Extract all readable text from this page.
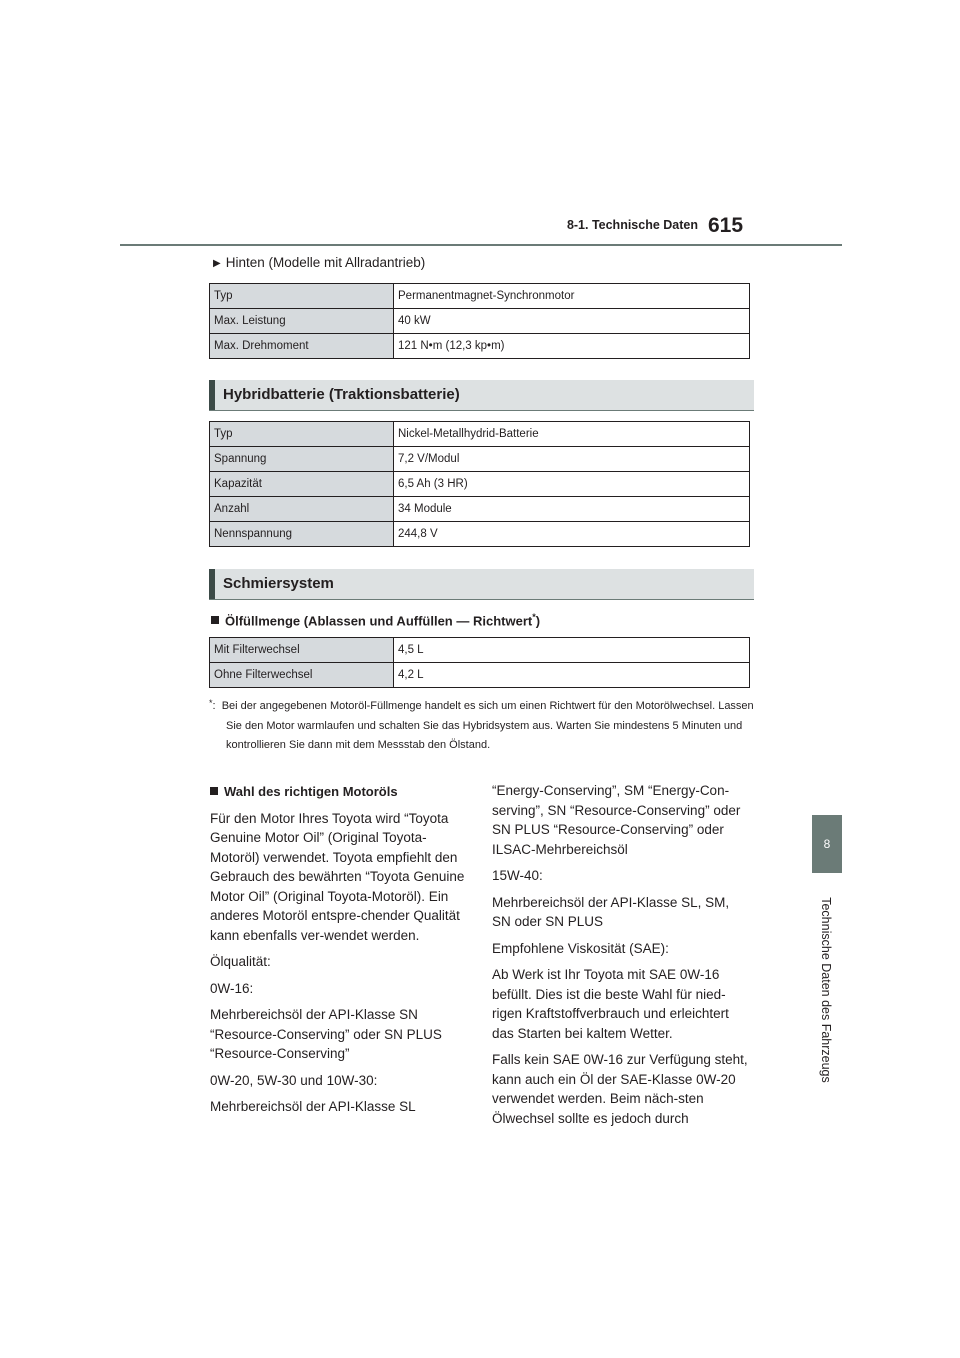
8-1. Technische Daten 615
8
Technische Daten des Fahrzeugs
▶ Hinten (Modelle mit Allradantrieb)
Typ	Permanentmagnet-Synchronmotor
Max. Leistung	40 kW
Max. Drehmoment	121 N•m (12,3 kp•m)
Hybridbatterie (Traktionsbatterie)
Typ	Nickel-Metallhydrid-Batterie
Spannung	7,2 V/Modul
Kapazität	6,5 Ah (3 HR)
Anzahl	34 Module
Nennspannung	244,8 V
Schmiersystem
Ölfüllmenge (Ablassen und Auffüllen — Richtwert*)
Mit Filterwechsel	4,5 L
Ohne Filterwechsel	4,2 L
*: Bei der angegebenen Motoröl-Füllmenge handelt es sich um einen Richtwert für den Motorölwechsel. Lassen Sie den Motor warmlaufen und schalten Sie das Hybridsystem aus. Warten Sie mindestens 5 Minuten und kontrollieren Sie dann mit dem Messstab den Ölstand.

Wahl des richtigen Motoröls

Für den Motor Ihres Toyota wird “Toyota Genuine Motor Oil” (Original Toyota-Motoröl) verwendet. Toyota empfiehlt den Gebrauch des bewährten “Toyota Genuine Motor Oil” (Original Toyota-Motoröl). Ein anderes Motoröl entspre-chender Qualität kann ebenfalls ver-wendet werden.

Ölqualität:

0W-16:

Mehrbereichsöl der API-Klasse SN “Resource-Conserving” oder SN PLUS “Resource-Conserving”

0W-20, 5W-30 und 10W-30:

Mehrbereichsöl der API-Klasse SL

“Energy-Conserving”, SM “Energy-Con-serving”, SN “Resource-Conserving” oder SN PLUS “Resource-Conserving” oder ILSAC-Mehrbereichsöl

15W-40:

Mehrbereichsöl der API-Klasse SL, SM, SN oder SN PLUS

Empfohlene Viskosität (SAE):

Ab Werk ist Ihr Toyota mit SAE 0W-16 befüllt. Dies ist die beste Wahl für nied-rigen Kraftstoffverbrauch und erleichtert das Starten bei kaltem Wetter.

Falls kein SAE 0W-16 zur Verfügung steht, kann auch ein Öl der SAE-Klasse 0W-20 verwendet werden. Beim näch-sten Ölwechsel sollte es jedoch durch
